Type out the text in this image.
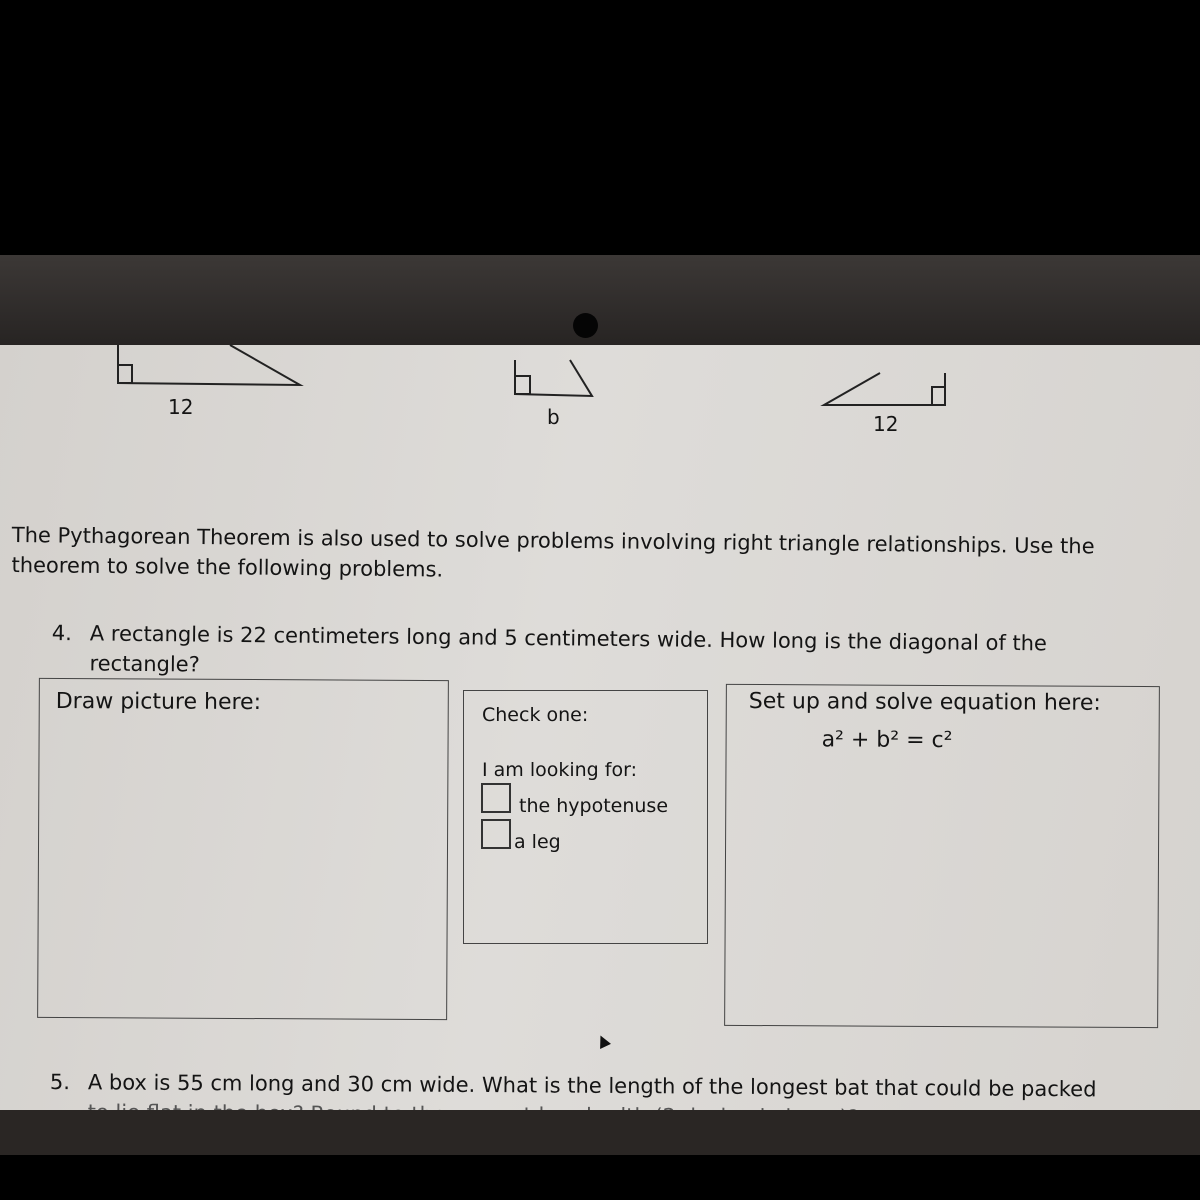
12	b	12
The Pythagorean Theorem is also used to solve problems involving right triangle relationships. Use the theorem to solve the following problems.
4. A rectangle is 22 centimeters long and 5 centimeters wide. How long is the diagonal of the rectangle?
Draw picture here:	Check one:
I am looking for:
the hypotenuse
a leg
Set up and solve equation here:
a² + b² = c²
5. A box is 55 cm long and 30 cm wide. What is the length of the longest bat that could be packed
